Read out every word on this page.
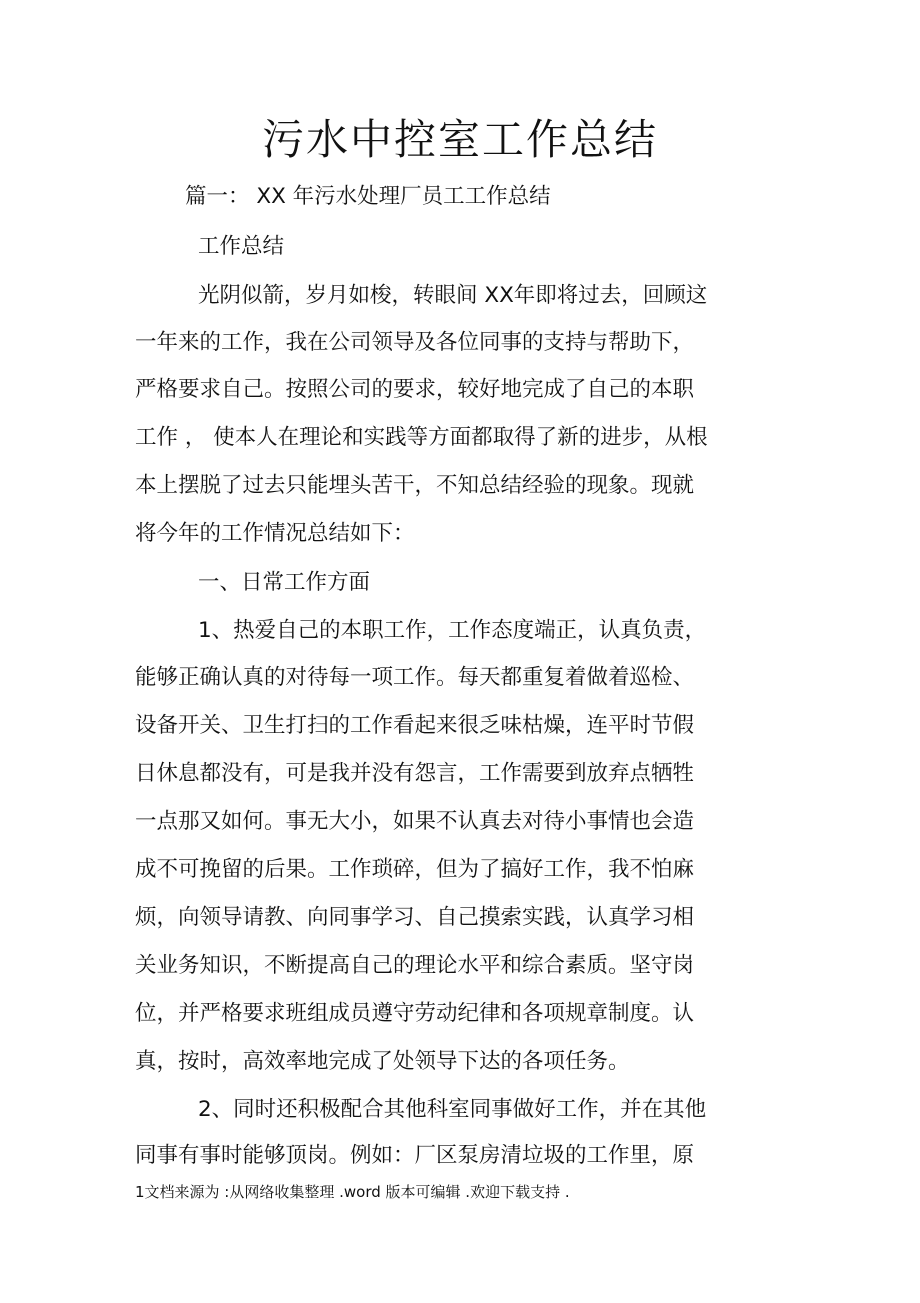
污水中控室工作总结

篇一： XX 年污水处理厂员工工作总结

工作总结

光阴似箭，岁月如梭，转眼间 XX年即将过去，回顾这

一年来的工作，我在公司领导及各位同事的支持与帮助下，

严格要求自己。按照公司的要求，较好地完成了自己的本职

工作 ， 使本人在理论和实践等方面都取得了新的进步，从根

本上摆脱了过去只能埋头苦干，不知总结经验的现象。现就

将今年的工作情况总结如下：

一、日常工作方面

1、热爱自己的本职工作，工作态度端正，认真负责，

能够正确认真的对待每一项工作。每天都重复着做着巡检、

设备开关、卫生打扫的工作看起来很乏味枯燥，连平时节假

日休息都没有，可是我并没有怨言，工作需要到放弃点牺牲

一点那又如何。事无大小，如果不认真去对待小事情也会造

成不可挽留的后果。工作琐碎，但为了搞好工作，我不怕麻

烦，向领导请教、向同事学习、自己摸索实践，认真学习相

关业务知识，不断提高自己的理论水平和综合素质。坚守岗

位，并严格要求班组成员遵守劳动纪律和各项规章制度。认

真，按时，高效率地完成了处领导下达的各项任务。

2、同时还积极配合其他科室同事做好工作，并在其他

同事有事时能够顶岗。例如：厂区泵房清垃圾的工作里，原

1文档来源为 :从网络收集整理 .word 版本可编辑 .欢迎下载支持 .
